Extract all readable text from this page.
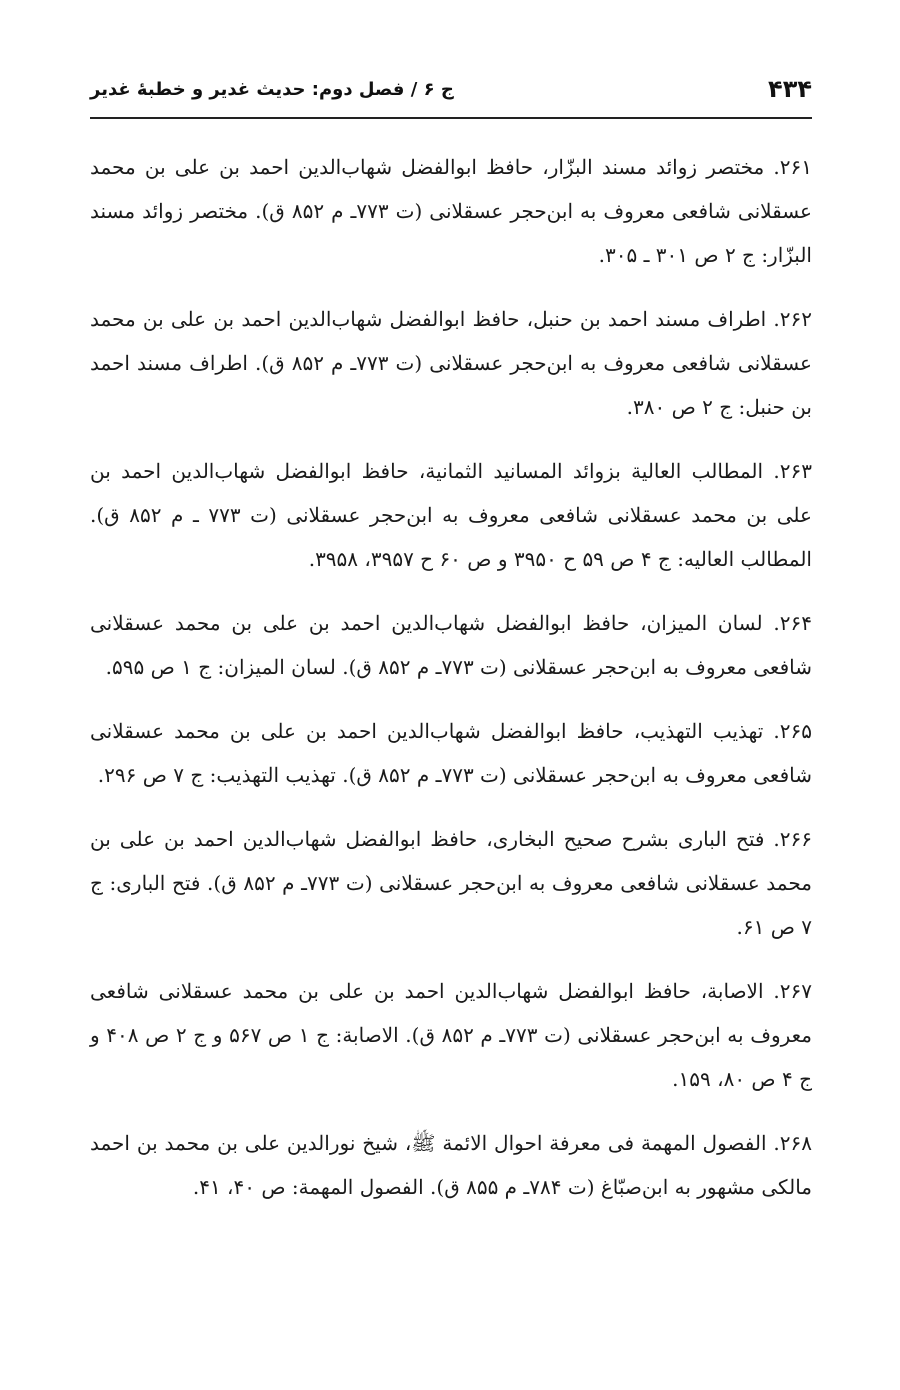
۴۳۴
ج ۶ / فصل دوم: حدیث غدیر و خطبهٔ غدیر

۲۶۱. مختصر زوائد مسند البزّار، حافظ ابوالفضل شهاب‌الدین احمد بن علی بن محمد عسقلانی شافعی معروف به ابن‌حجر عسقلانی (ت ۷۷۳ـ م ۸۵۲ ق). مختصر زوائد مسند البزّار: ج ۲ ص ۳۰۱ ـ ۳۰۵.

۲۶۲. اطراف مسند احمد بن حنبل، حافظ ابوالفضل شهاب‌الدین احمد بن علی بن محمد عسقلانی شافعی معروف به ابن‌حجر عسقلانی (ت ۷۷۳ـ م ۸۵۲ ق). اطراف مسند احمد بن حنبل: ج ۲ ص ۳۸۰.

۲۶۳. المطالب العالیة بزوائد المسانید الثمانیة، حافظ ابوالفضل شهاب‌الدین احمد بن علی بن محمد عسقلانی شافعی معروف به ابن‌حجر عسقلانی (ت ۷۷۳ ـ م ۸۵۲ ق). المطالب العالیه: ج ۴ ص ۵۹ ح ۳۹۵۰ و ص ۶۰ ح ۳۹۵۷، ۳۹۵۸.

۲۶۴. لسان المیزان، حافظ ابوالفضل شهاب‌الدین احمد بن علی بن محمد عسقلانی شافعی معروف به ابن‌حجر عسقلانی (ت ۷۷۳ـ م ۸۵۲ ق). لسان المیزان: ج ۱ ص ۵۹۵.

۲۶۵. تهذیب التهذیب، حافظ ابوالفضل شهاب‌الدین احمد بن علی بن محمد عسقلانی شافعی معروف به ابن‌حجر عسقلانی (ت ۷۷۳ـ م ۸۵۲ ق). تهذیب التهذیب: ج ۷ ص ۲۹۶.

۲۶۶. فتح الباری بشرح صحیح البخاری، حافظ ابوالفضل شهاب‌الدین احمد بن علی بن محمد عسقلانی شافعی معروف به ابن‌حجر عسقلانی (ت ۷۷۳ـ م ۸۵۲ ق). فتح الباری: ج ۷ ص ۶۱.

۲۶۷. الاصابة، حافظ ابوالفضل شهاب‌الدین احمد بن علی بن محمد عسقلانی شافعی معروف به ابن‌حجر عسقلانی (ت ۷۷۳ـ م ۸۵۲ ق). الاصابة: ج ۱ ص ۵۶۷ و ج ۲ ص ۴۰۸ و ج ۴ ص ۸۰، ۱۵۹.

۲۶۸. الفصول المهمة فی معرفة احوال الائمة ﷺ، شیخ نورالدین علی بن محمد بن احمد مالکی مشهور به ابن‌صبّاغ (ت ۷۸۴ـ م ۸۵۵ ق). الفصول المهمة: ص ۴۰، ۴۱.
